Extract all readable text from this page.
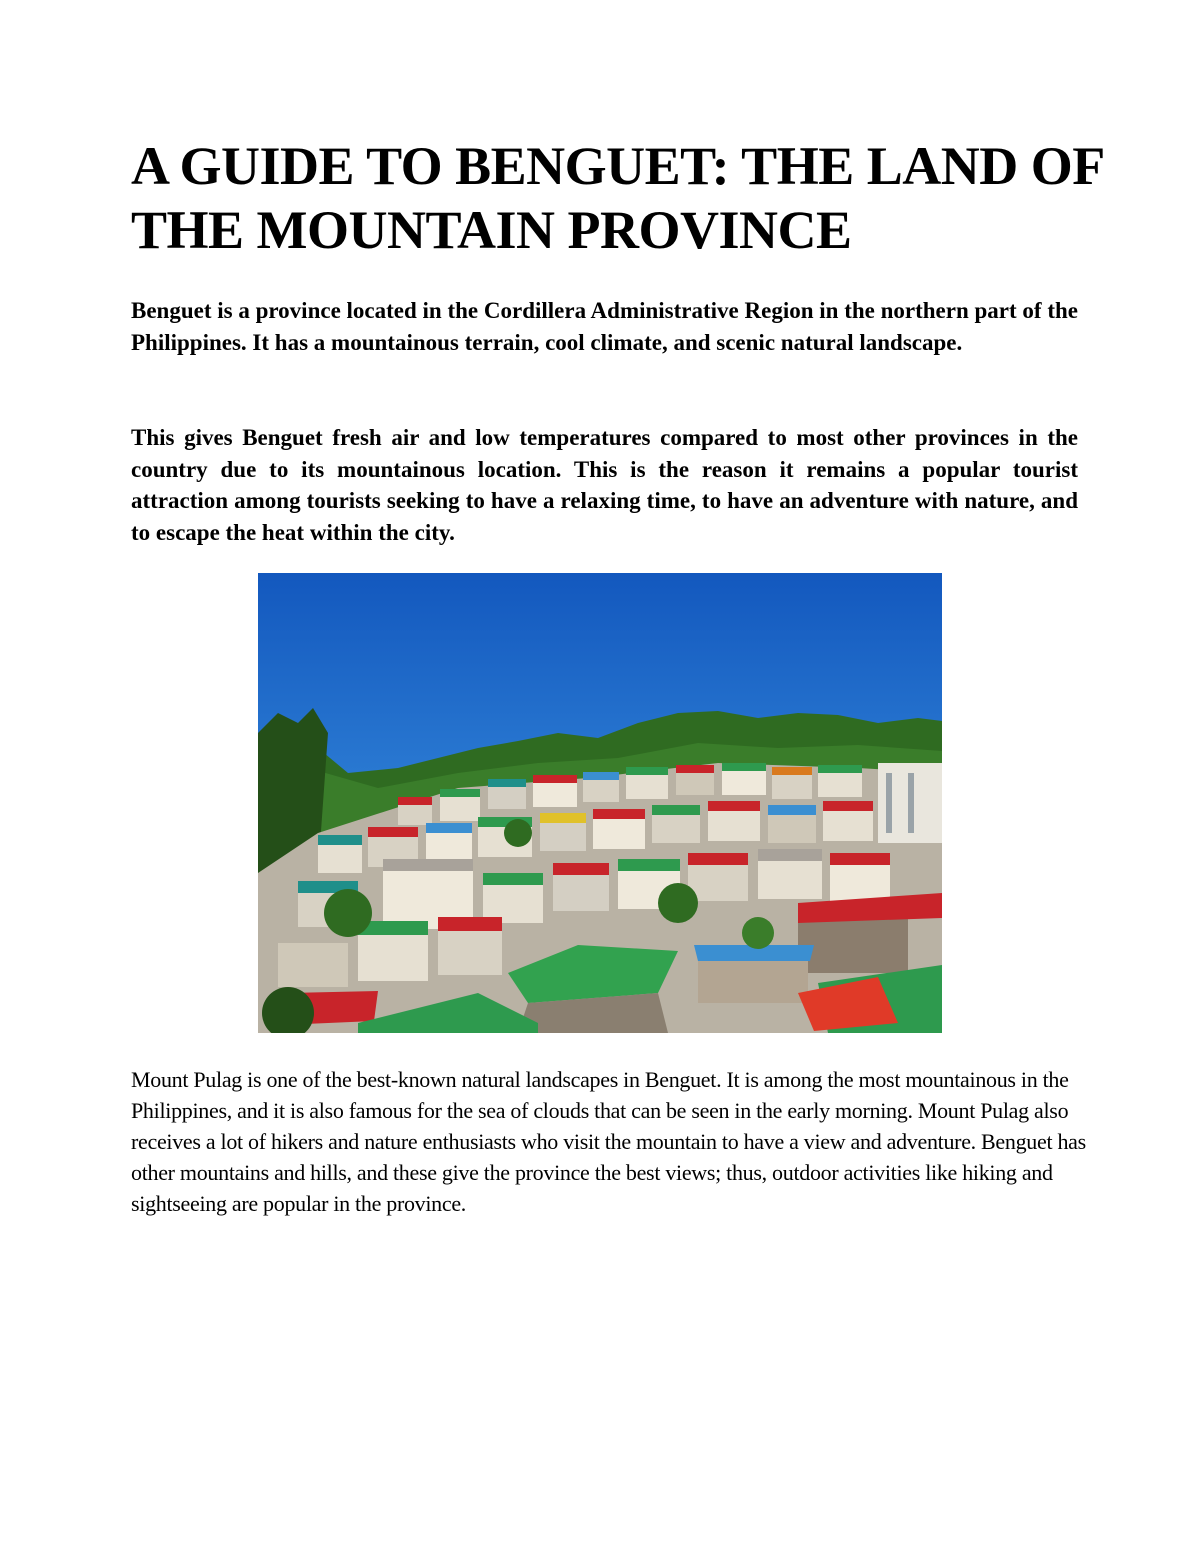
A GUIDE TO BENGUET: THE LAND OF THE MOUNTAIN PROVINCE

Benguet is a province located in the Cordillera Administrative Region in the northern part of the Philippines. It has a mountainous terrain, cool climate, and scenic natural landscape.

This gives Benguet fresh air and low temperatures compared to most other provinces in the country due to its mountainous location. This is the reason it remains a popular tourist attraction among tourists seeking to have a relaxing time, to have an adventure with nature, and to escape the heat within the city.

Mount Pulag is one of the best-known natural landscapes in Benguet. It is among the most mountainous in the Philippines, and it is also famous for the sea of clouds that can be seen in the early morning. Mount Pulag also receives a lot of hikers and nature enthusiasts who visit the mountain to have a view and adventure. Benguet has other mountains and hills, and these give the province the best views; thus, outdoor activities like hiking and sightseeing are popular in the province.
